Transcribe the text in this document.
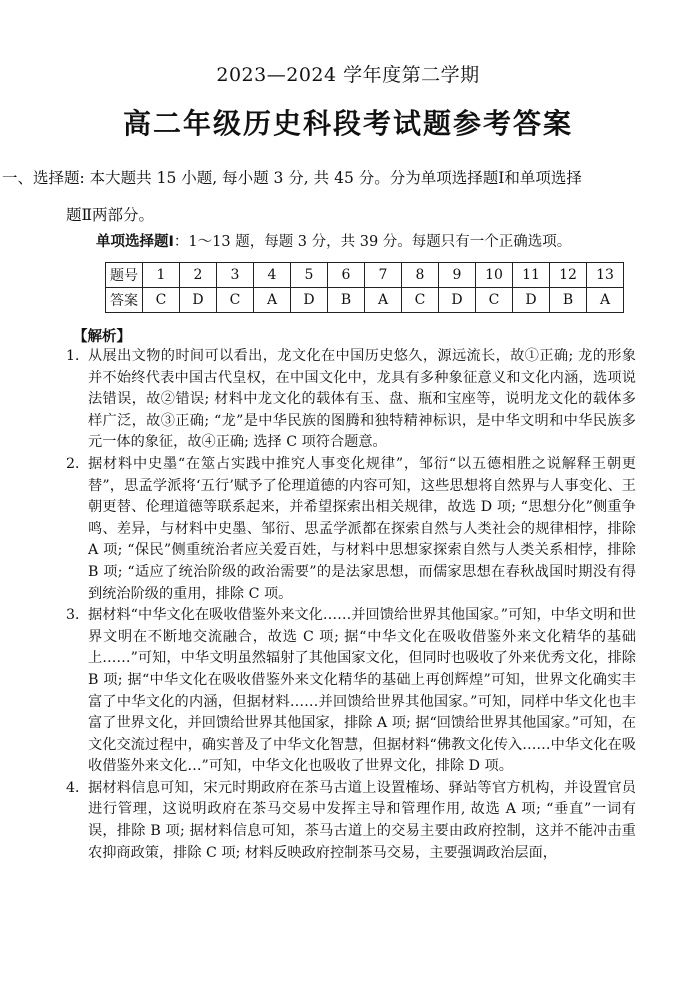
2023—2024 学年度第二学期
高二年级历史科段考试题参考答案
一、选择题: 本大题共 15 小题, 每小题 3 分, 共 45 分。分为单项选择题Ⅰ和单项选择
题Ⅱ两部分。
单项选择题Ⅰ：1～13 题，每题 3 分，共 39 分。每题只有一个正确选项。
题号	1	2	3	4	5	6	7	8	9	10	11	12	13
答案	C	D	C	A	D	B	A	C	D	C	D	B	A
【解析】
1．

从展出文物的时间可以看出，龙文化在中国历史悠久，源远流长，故①正确; 龙的形象并不始终代表中国古代皇权，在中国文化中，龙具有多种象征意义和文化内涵，选项说法错误，故②错误; 材料中龙文化的载体有玉、盘、瓶和宝座等，说明龙文化的载体多样广泛，故③正确; “龙”是中华民族的图腾和独特精神标识，是中华文明和中华民族多元一体的象征，故④正确; 选择 C 项符合题意。

2．

据材料中史墨“在筮占实践中推究人事变化规律”，邹衍“以五德相胜之说解释王朝更替”，思孟学派将‘五行’赋予了伦理道德的内容可知，这些思想将自然界与人事变化、王朝更替、伦理道德等联系起来，并希望探索出相关规律，故选 D 项; “思想分化”侧重争鸣、差异，与材料中史墨、邹衍、思孟学派都在探索自然与人类社会的规律相悖，排除 A 项; “保民”侧重统治者应关爱百姓，与材料中思想家探索自然与人类关系相悖，排除 B 项; “适应了统治阶级的政治需要”的是法家思想，而儒家思想在春秋战国时期没有得到统治阶级的重用，排除 C 项。

3．

据材料“中华文化在吸收借鉴外来文化……并回馈给世界其他国家。”可知，中华文明和世界文明在不断地交流融合，故选 C 项; 据“中华文化在吸收借鉴外来文化精华的基础上……”可知，中华文明虽然辐射了其他国家文化，但同时也吸收了外来优秀文化，排除 B 项; 据“中华文化在吸收借鉴外来文化精华的基础上再创辉煌”可知，世界文化确实丰富了中华文化的内涵，但据材料……并回馈给世界其他国家。”可知，同样中华文化也丰富了世界文化，并回馈给世界其他国家，排除 A 项; 据“回馈给世界其他国家。”可知，在文化交流过程中，确实普及了中华文化智慧，但据材料“佛教文化传入……中华文化在吸收借鉴外来文化…”可知，中华文化也吸收了世界文化，排除 D 项。

4．

据材料信息可知，宋元时期政府在茶马古道上设置榷场、驿站等官方机构，并设置官员进行管理，这说明政府在茶马交易中发挥主导和管理作用, 故选 A 项; “垂直”一词有误，排除 B 项; 据材料信息可知，茶马古道上的交易主要由政府控制，这并不能冲击重农抑商政策，排除 C 项; 材料反映政府控制茶马交易，主要强调政治层面，
